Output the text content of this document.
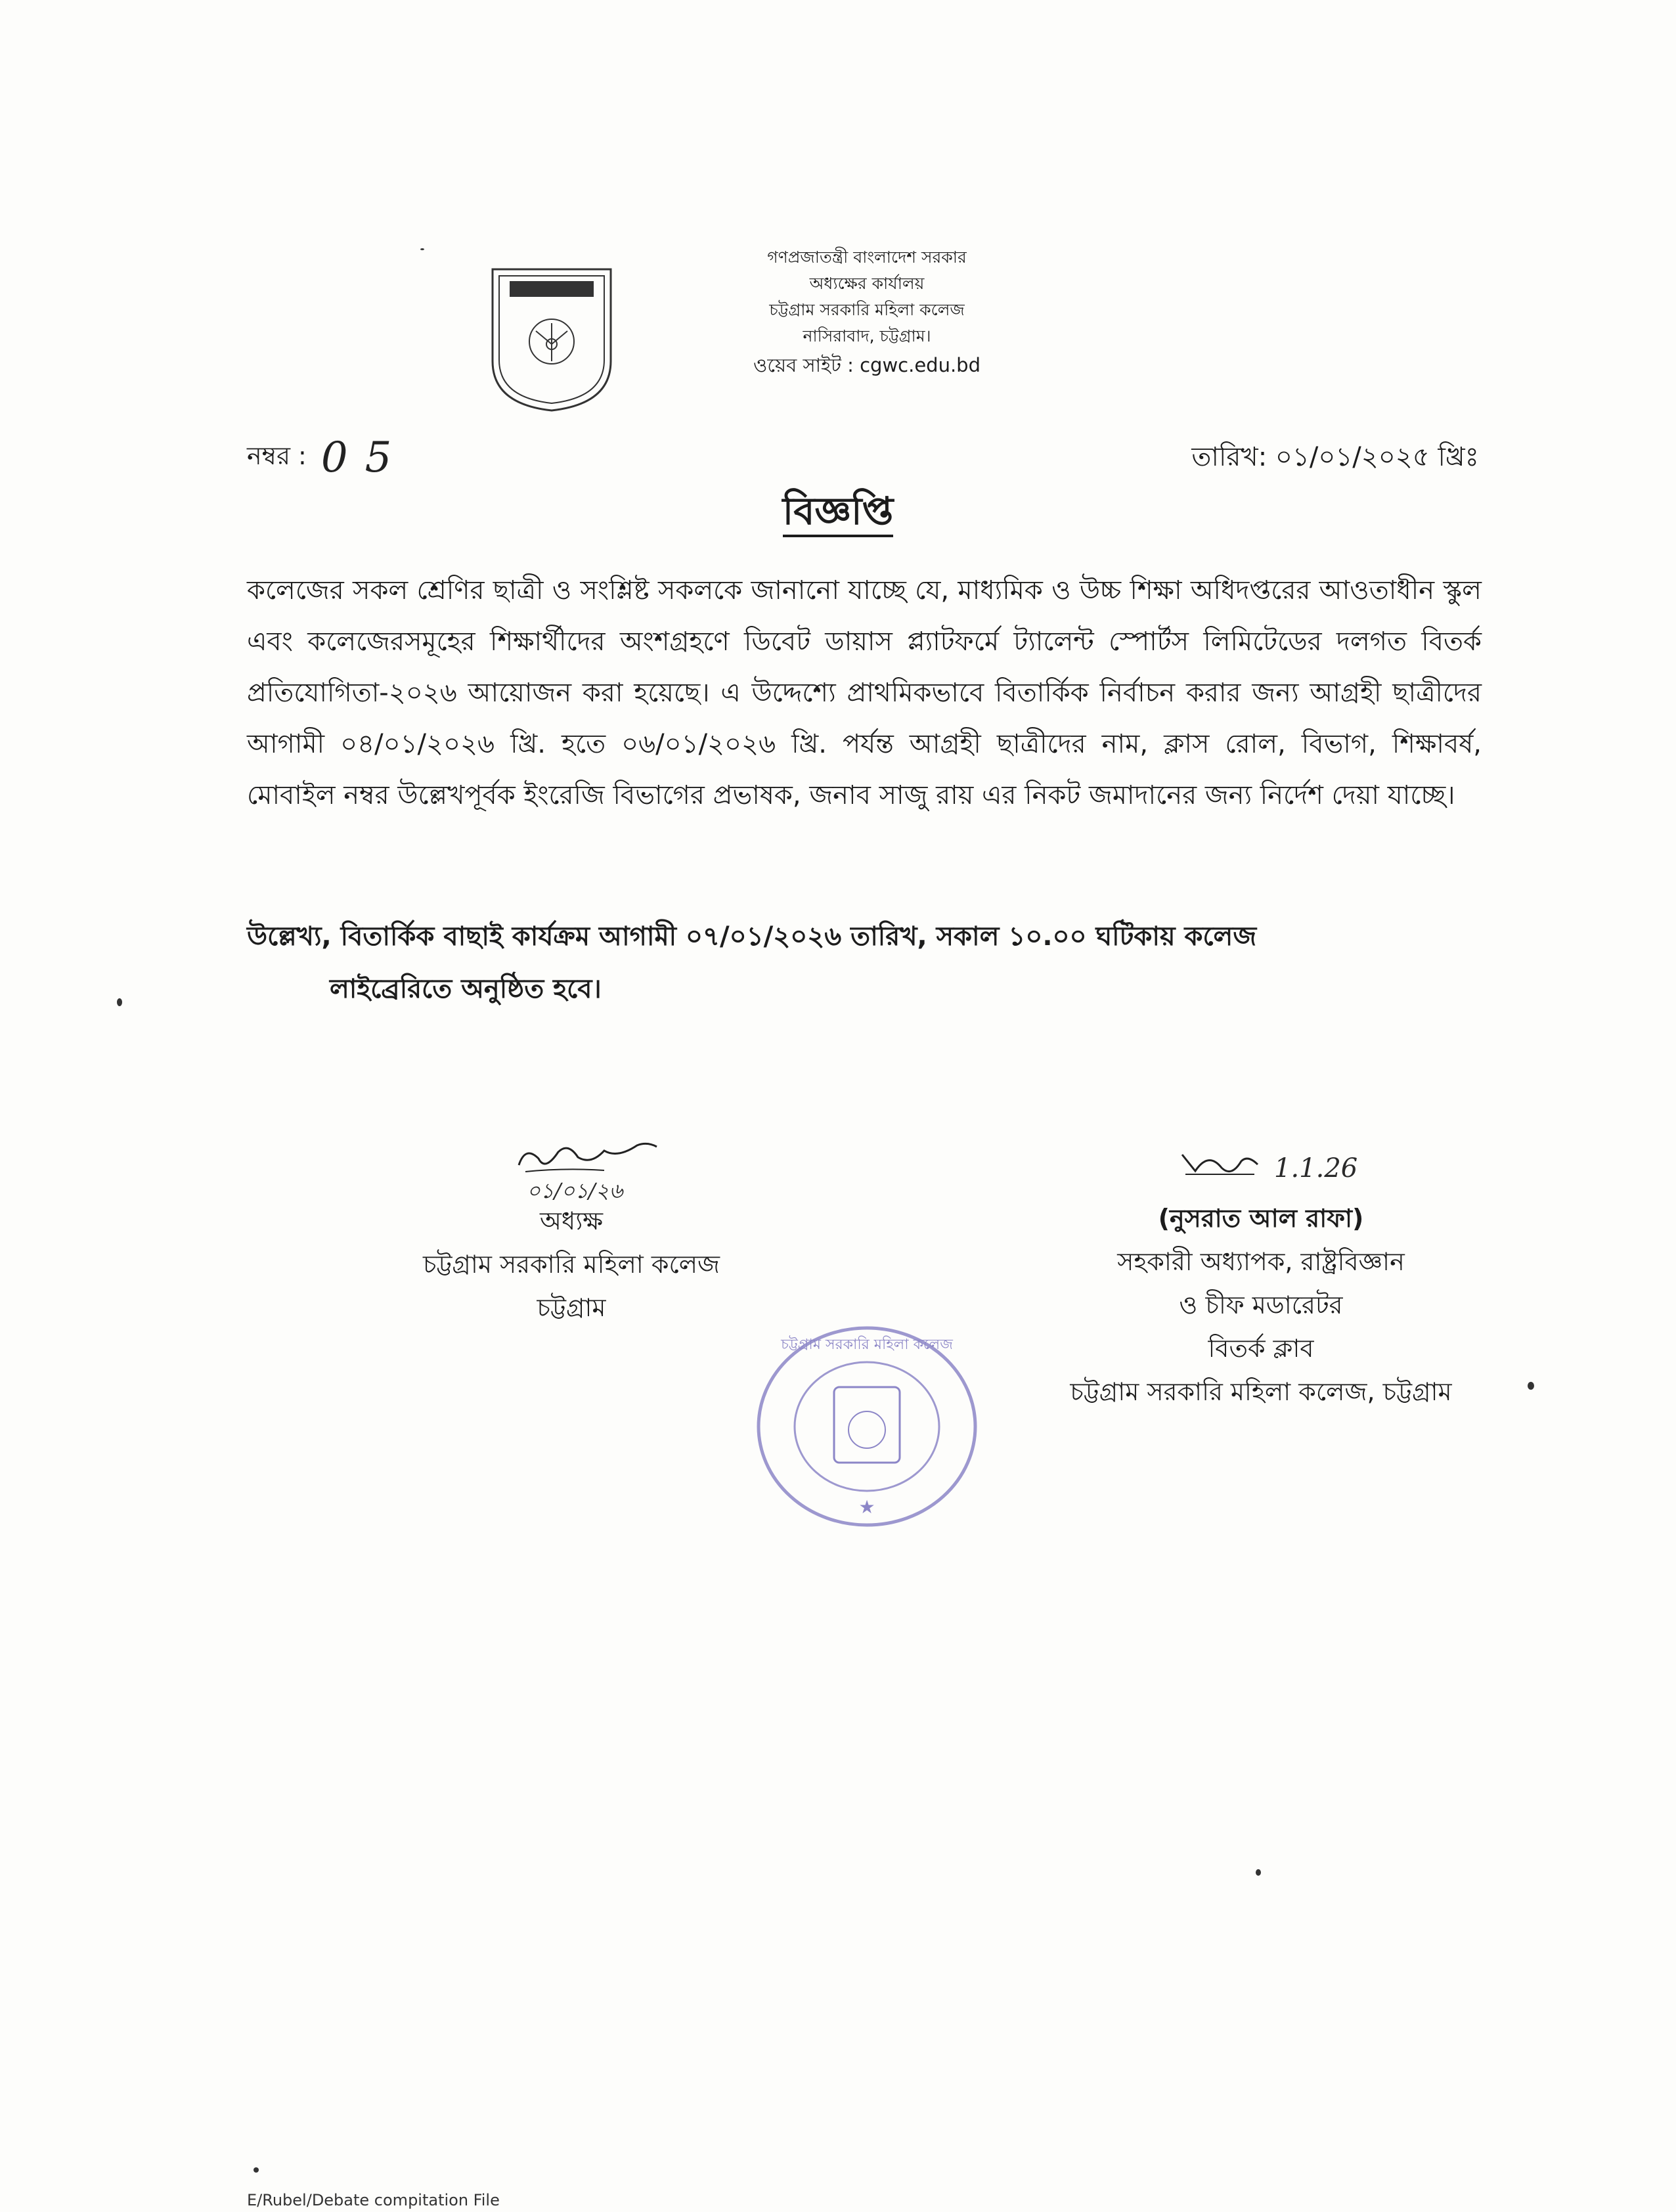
গণপ্রজাতন্ত্রী বাংলাদেশ সরকার
অধ্যক্ষের কার্যালয়
চট্টগ্রাম সরকারি মহিলা কলেজ
নাসিরাবাদ, চট্টগ্রাম।
ওয়েব সাইট : cgwc.edu.bd
নম্বর : 05	তারিখ: ০১/০১/২০২৫ খ্রিঃ
বিজ্ঞপ্তি
কলেজের সকল শ্রেণির ছাত্রী ও সংশ্লিষ্ট সকলকে জানানো যাচ্ছে যে, মাধ্যমিক ও উচ্চ শিক্ষা অধিদপ্তরের আওতাধীন স্কুল এবং কলেজেরসমূহের শিক্ষার্থীদের অংশগ্রহণে ডিবেট ডায়াস প্ল্যাটফর্মে ট্যালেন্ট স্পোর্টস লিমিটেডের দলগত বিতর্ক প্রতিযোগিতা-২০২৬ আয়োজন করা হয়েছে। এ উদ্দেশ্যে প্রাথমিকভাবে বিতার্কিক নির্বাচন করার জন্য আগ্রহী ছাত্রীদের আগামী ০৪/০১/২০২৬ খ্রি. হতে ০৬/০১/২০২৬ খ্রি. পর্যন্ত আগ্রহী ছাত্রীদের নাম, ক্লাস রোল, বিভাগ, শিক্ষাবর্ষ, মোবাইল নম্বর উল্লেখপূর্বক ইংরেজি বিভাগের প্রভাষক, জনাব সাজু রায় এর নিকট জমাদানের জন্য নির্দেশ দেয়া যাচ্ছে।
উল্লেখ্য, বিতার্কিক বাছাই কার্যক্রম আগামী ০৭/০১/২০২৬ তারিখ, সকাল ১০.০০ ঘটিকায় কলেজ
লাইব্রেরিতে অনুষ্ঠিত হবে।
০১/০১/২৬
অধ্যক্ষ
চট্টগ্রাম সরকারি মহিলা কলেজ
চট্টগ্রাম
1.1.26
(নুসরাত আল রাফা)
সহকারী অধ্যাপক, রাষ্ট্রবিজ্ঞান
ও চীফ মডারেটর
বিতর্ক ক্লাব
চট্টগ্রাম সরকারি মহিলা কলেজ, চট্টগ্রাম
★
চট্টগ্রাম সরকারি মহিলা কলেজ
E/Rubel/Debate compitation File
